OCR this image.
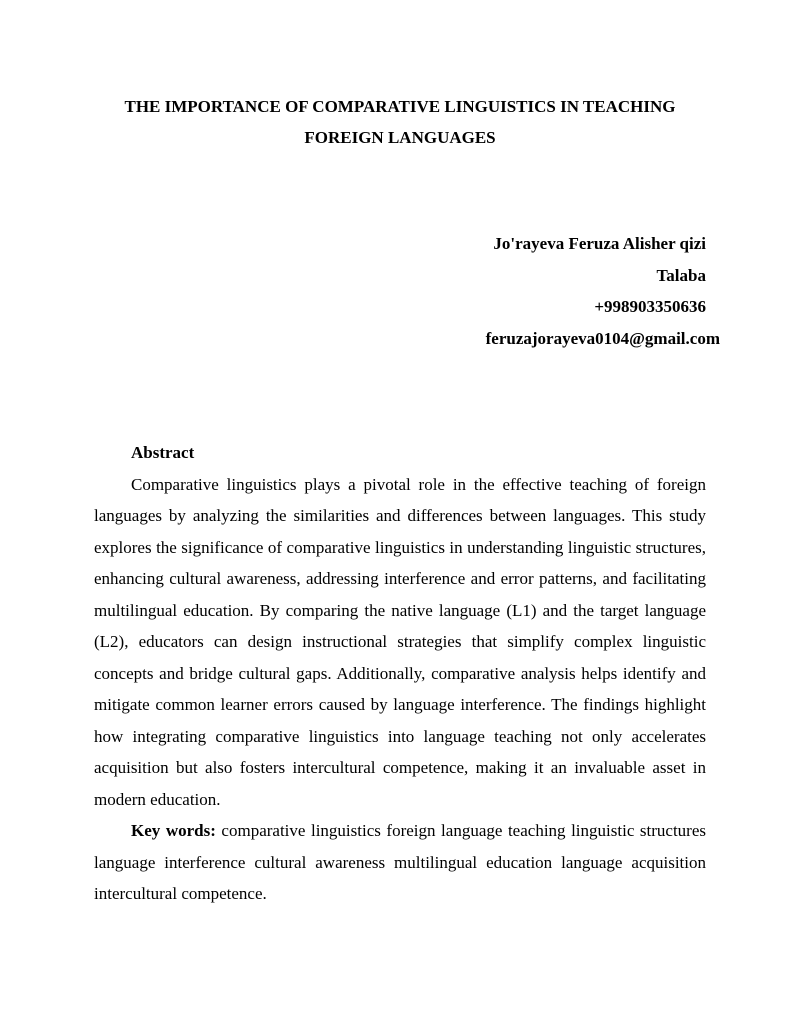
THE IMPORTANCE OF COMPARATIVE LINGUISTICS IN TEACHING
FOREIGN LANGUAGES
Jo'rayeva Feruza Alisher qizi
Talaba
+998903350636
feruzajorayeva0104@gmail.com
Abstract

Comparative linguistics plays a pivotal role in the effective teaching of foreign languages by analyzing the similarities and differences between languages. This study explores the significance of comparative linguistics in understanding linguistic structures, enhancing cultural awareness, addressing interference and error patterns, and facilitating multilingual education. By comparing the native language (L1) and the target language (L2), educators can design instructional strategies that simplify complex linguistic concepts and bridge cultural gaps. Additionally, comparative analysis helps identify and mitigate common learner errors caused by language interference. The findings highlight how integrating comparative linguistics into language teaching not only accelerates acquisition but also fosters intercultural competence, making it an invaluable asset in modern education.

Key words: comparative linguistics foreign language teaching linguistic structures language interference cultural awareness multilingual education language acquisition intercultural competence.
